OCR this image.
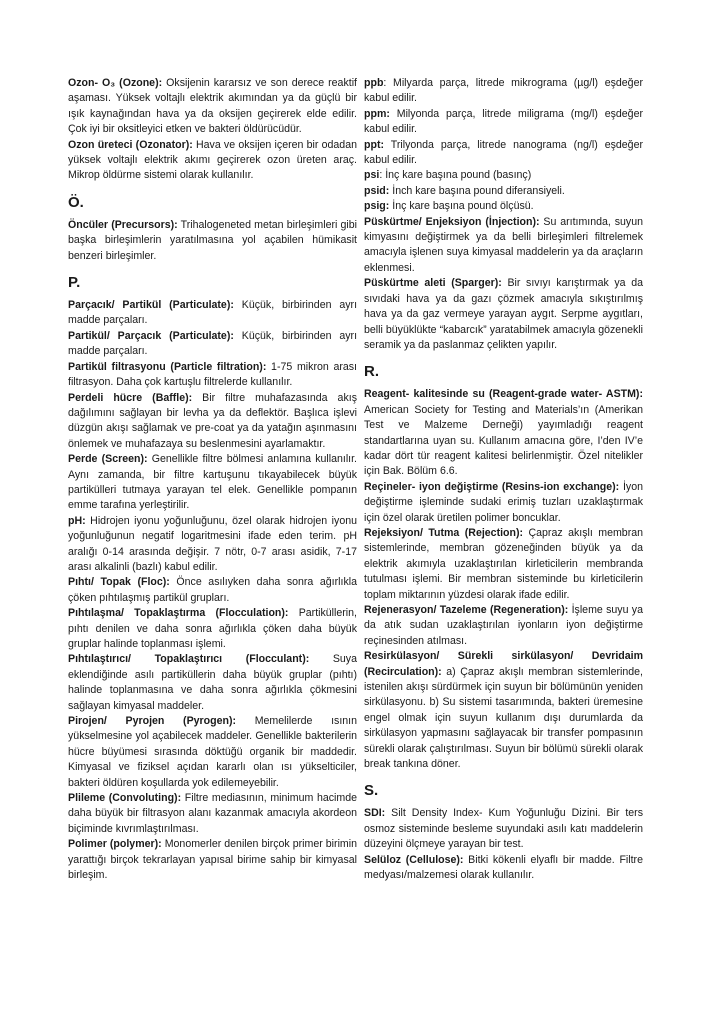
Ozon- O₃ (Ozone): Oksijenin kararsız ve son derece reaktif aşaması. Yüksek voltajlı elektrik akımından ya da güçlü bir ışık kaynağından hava ya da oksijen geçirerek elde edilir. Çok iyi bir oksitleyici etken ve bakteri öldürücüdür.

Ozon üreteci (Ozonator): Hava ve oksijen içeren bir odadan yüksek voltajlı elektrik akımı geçirerek ozon üreten araç. Mikrop öldürme sistemi olarak kullanılır.

Ö.

Öncüler (Precursors): Trihalogeneted metan birleşimleri gibi başka birleşimlerin yaratılmasına yol açabilen hümikasit benzeri birleşimler.

P.

Parçacık/ Partikül (Particulate): Küçük, birbirinden ayrı madde parçaları.

Partikül/ Parçacık (Particulate): Küçük, birbirinden ayrı madde parçaları.

Partikül filtrasyonu (Particle filtration): 1-75 mikron arası filtrasyon. Daha çok kartuşlu filtrelerde kullanılır.

Perdeli hücre (Baffle): Bir filtre muhafazasında akış dağılımını sağlayan bir levha ya da deflektör. Başlıca işlevi düzgün akışı sağlamak ve pre-coat ya da yatağın aşınmasını önlemek ve muhafazaya su beslenmesini ayarlamaktır.

Perde (Screen): Genellikle filtre bölmesi anlamına kullanılır. Aynı zamanda, bir filtre kartuşunu tıkayabilecek büyük partikülleri tutmaya yarayan tel elek. Genellikle pompanın emme tarafına yerleştirilir.

pH: Hidrojen iyonu yoğunluğunu, özel olarak hidrojen iyonu yoğunluğunun negatif logaritmesini ifade eden terim. pH aralığı 0-14 arasında değişir. 7 nötr, 0-7 arası asidik, 7-17 arası alkalinli (bazlı) kabul edilir.

Pıhtı/ Topak (Floc): Önce asılıyken daha sonra ağırlıkla çöken pıhtılaşmış partikül grupları.

Pıhtılaşma/ Topaklaştırma (Flocculation): Partiküllerin, pıhtı denilen ve daha sonra ağırlıkla çöken daha büyük gruplar halinde toplanması işlemi.

Pıhtılaştırıcı/ Topaklaştırıcı (Flocculant): Suya eklendiğinde asılı partiküllerin daha büyük gruplar (pıhtı) halinde toplanmasına ve daha sonra ağırlıkla çökmesini sağlayan kimyasal maddeler.

Pirojen/ Pyrojen (Pyrogen): Memelilerde ısının yükselmesine yol açabilecek maddeler. Genellikle bakterilerin hücre büyümesi sırasında döktüğü organik bir maddedir. Kimyasal ve fiziksel açıdan kararlı olan ısı yükselticiler, bakteri öldüren koşullarda yok edilemeyebilir.

Plileme (Convoluting): Filtre mediasının, minimum hacimde daha büyük bir filtrasyon alanı kazanmak amacıyla akordeon biçiminde kıvrımlaştırılması.

Polimer (polymer): Monomerler denilen birçok primer birimin yarattığı birçok tekrarlayan yapısal birime sahip bir kimyasal birleşim.

ppb: Milyarda parça, litrede mikrograma (µg/l) eşdeğer kabul edilir.

ppm: Milyonda parça, litrede miligrama (mg/l) eşdeğer kabul edilir.

ppt: Trilyonda parça, litrede nanograma (ng/l) eşdeğer kabul edilir.

psi: İnç kare başına pound (basınç)

psid: İnch kare başına pound diferansiyeli.

psig: İnç kare başına pound ölçüsü.

Püskürtme/ Enjeksiyon (İnjection): Su arıtımında, suyun kimyasını değiştirmek ya da belli birleşimleri filtrelemek amacıyla işlenen suya kimyasal maddelerin ya da araçların eklenmesi.

Püskürtme aleti (Sparger): Bir sıvıyı karıştırmak ya da sıvıdaki hava ya da gazı çözmek amacıyla sıkıştırılmış hava ya da gaz vermeye yarayan aygıt. Serpme aygıtları, belli büyüklükte “kabarcık” yaratabilmek amacıyla gözenekli seramik ya da paslanmaz çelikten yapılır.

R.

Reagent- kalitesinde su (Reagent-grade water- ASTM): American Society for Testing and Materials’ın (Amerikan Test ve Malzeme Derneği) yayımladığı reagent standartlarına uyan su. Kullanım amacına göre, I’den IV’e kadar dört tür reagent kalitesi belirlenmiştir. Özel nitelikler için Bak. Bölüm 6.6.

Reçineler- iyon değiştirme (Resins-ion exchange): İyon değiştirme işleminde sudaki erimiş tuzları uzaklaştırmak için özel olarak üretilen polimer boncuklar.

Rejeksiyon/ Tutma (Rejection): Çapraz akışlı membran sistemlerinde, membran gözeneğinden büyük ya da elektrik akımıyla uzaklaştırılan kirleticilerin membranda tutulması işlemi. Bir membran sisteminde bu kirleticilerin toplam miktarının yüzdesi olarak ifade edilir.

Rejenerasyon/ Tazeleme (Regeneration): İşleme suyu ya da atık sudan uzaklaştırılan iyonların iyon değiştirme reçinesinden atılması.

Resirkülasyon/ Sürekli sirkülasyon/ Devridaim (Recirculation): a) Çapraz akışlı membran sistemlerinde, istenilen akışı sürdürmek için suyun bir bölümünün yeniden sirkülasyonu. b) Su sistemi tasarımında, bakteri üremesine engel olmak için suyun kullanım dışı durumlarda da sirkülasyon yapmasını sağlayacak bir transfer pompasının sürekli olarak çalıştırılması. Suyun bir bölümü sürekli olarak break tankına döner.

S.

SDI: Silt Density Index- Kum Yoğunluğu Dizini. Bir ters osmoz sisteminde besleme suyundaki asılı katı maddelerin düzeyini ölçmeye yarayan bir test.

Selüloz (Cellulose): Bitki kökenli elyaflı bir madde. Filtre medyası/malzemesi olarak kullanılır.
